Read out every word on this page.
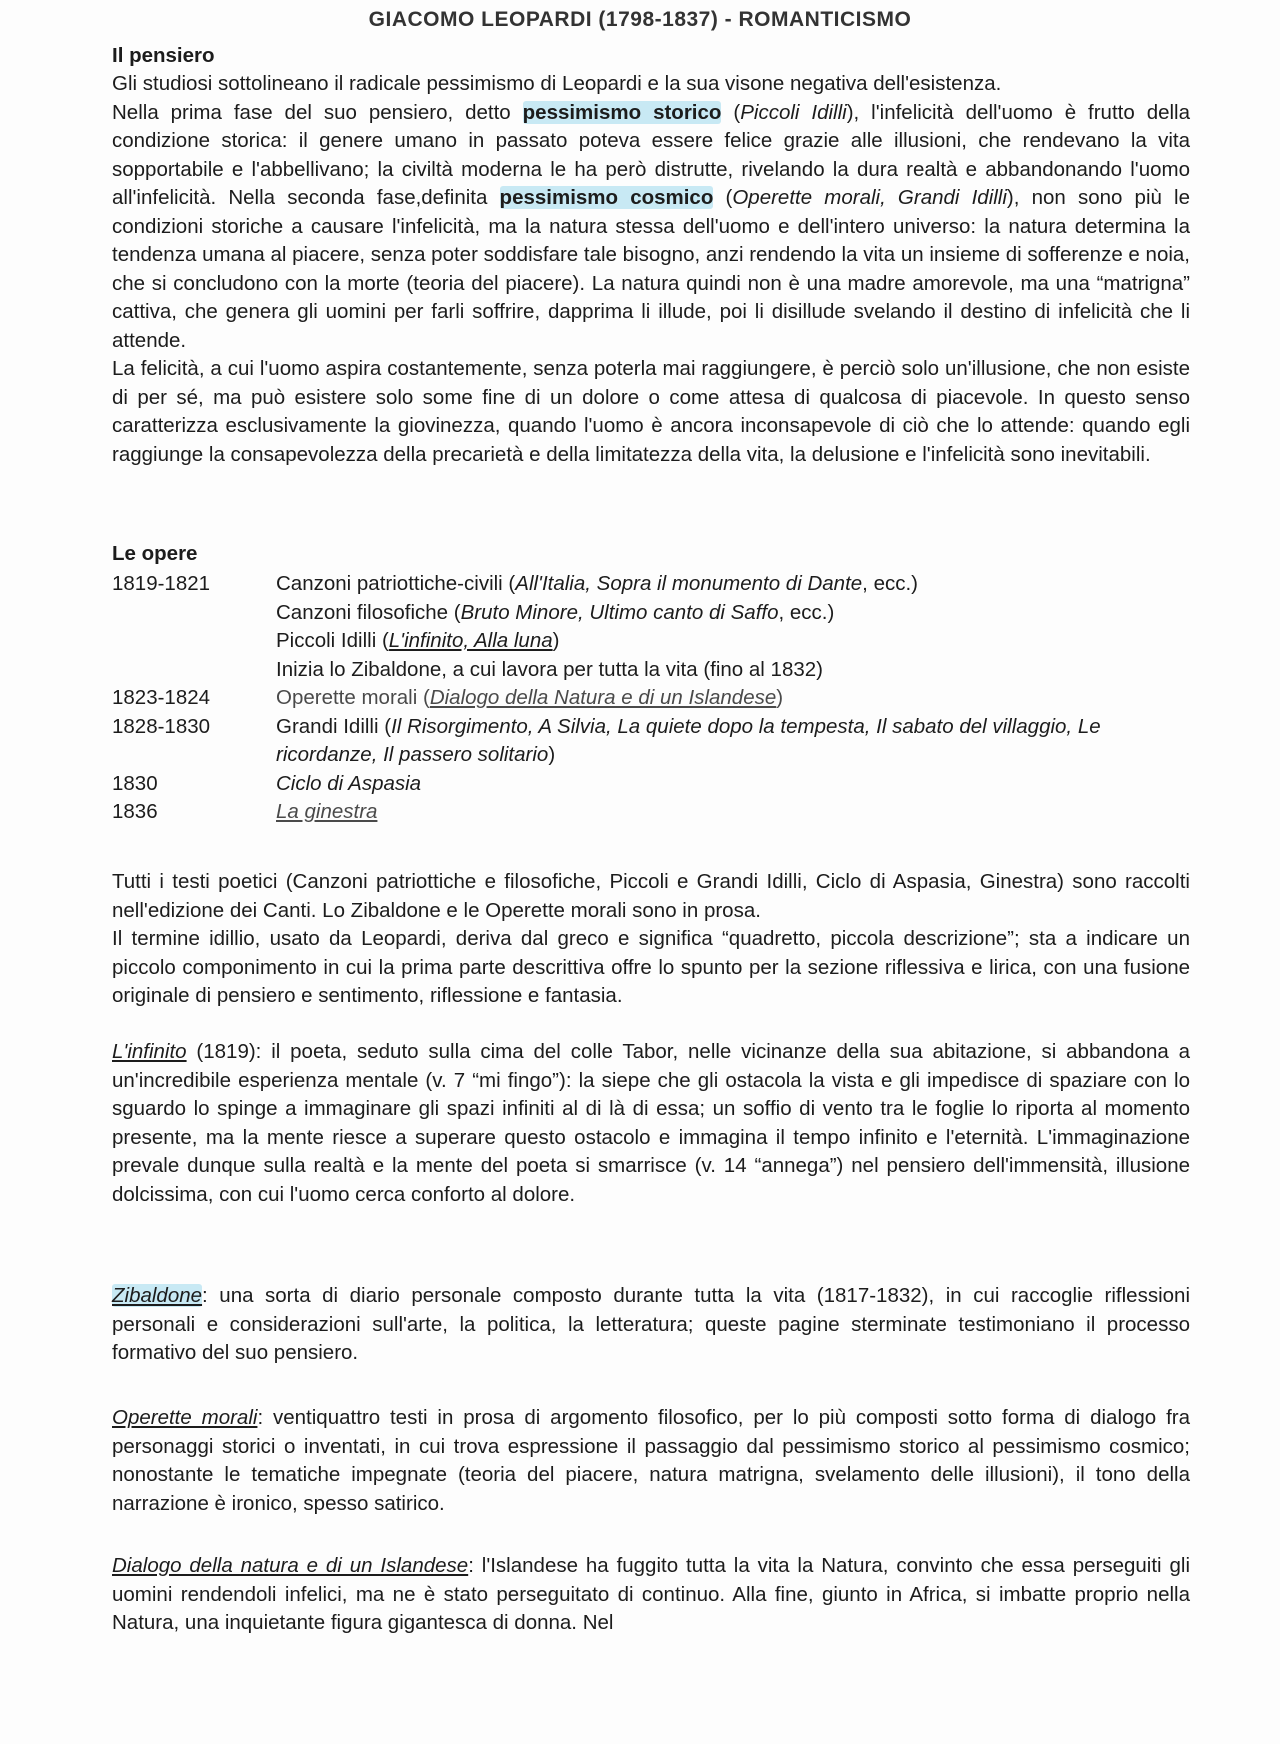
GIACOMO LEOPARDI (1798-1837) - ROMANTICISMO
Il pensiero

Gli studiosi sottolineano il radicale pessimismo di Leopardi e la sua visone negativa dell'esistenza.
Nella prima fase del suo pensiero, detto pessimismo storico (Piccoli Idilli), l'infelicità dell'uomo è frutto della condizione storica: il genere umano in passato poteva essere felice grazie alle illusioni, che rendevano la vita sopportabile e l'abbellivano; la civiltà moderna le ha però distrutte, rivelando la dura realtà e abbandonando l'uomo all'infelicità. Nella seconda fase,definita pessimismo cosmico (Operette morali, Grandi Idilli), non sono più le condizioni storiche a causare l'infelicità, ma la natura stessa dell'uomo e dell'intero universo: la natura determina la tendenza umana al piacere, senza poter soddisfare tale bisogno, anzi rendendo la vita un insieme di sofferenze e noia, che si concludono con la morte (teoria del piacere). La natura quindi non è una madre amorevole, ma una “matrigna” cattiva, che genera gli uomini per farli soffrire, dapprima li illude, poi li disillude svelando il destino di infelicità che li attende.

La felicità, a cui l'uomo aspira costantemente, senza poterla mai raggiungere, è perciò solo un'illusione, che non esiste di per sé, ma può esistere solo some fine di un dolore o come attesa di qualcosa di piacevole. In questo senso caratterizza esclusivamente la giovinezza, quando l'uomo è ancora inconsapevole di ciò che lo attende: quando egli raggiunge la consapevolezza della precarietà e della limitatezza della vita, la delusione e l'infelicità sono inevitabili.

Le opere
1819-1821	Canzoni patriottiche-civili (All'Italia, Sopra il monumento di Dante, ecc.)
Canzoni filosofiche (Bruto Minore, Ultimo canto di Saffo, ecc.)
Piccoli Idilli (L'infinito, Alla luna)
Inizia lo Zibaldone, a cui lavora per tutta la vita (fino al 1832)
1823-1824	Operette morali (Dialogo della Natura e di un Islandese)
1828-1830	Grandi Idilli (Il Risorgimento, A Silvia, La quiete dopo la tempesta, Il sabato del villaggio, Le ricordanze, Il passero solitario)
1830	Ciclo di Aspasia
1836	La ginestra

Tutti i testi poetici (Canzoni patriottiche e filosofiche, Piccoli e Grandi Idilli, Ciclo di Aspasia, Ginestra) sono raccolti nell'edizione dei Canti. Lo Zibaldone e le Operette morali sono in prosa.

Il termine idillio, usato da Leopardi, deriva dal greco e significa “quadretto, piccola descrizione”; sta a indicare un piccolo componimento in cui la prima parte descrittiva offre lo spunto per la sezione riflessiva e lirica, con una fusione originale di pensiero e sentimento, riflessione e fantasia.

L'infinito (1819): il poeta, seduto sulla cima del colle Tabor, nelle vicinanze della sua abitazione, si abbandona a un'incredibile esperienza mentale (v. 7 “mi fingo”): la siepe che gli ostacola la vista e gli impedisce di spaziare con lo sguardo lo spinge a immaginare gli spazi infiniti al di là di essa; un soffio di vento tra le foglie lo riporta al momento presente, ma la mente riesce a superare questo ostacolo e immagina il tempo infinito e l'eternità. L'immaginazione prevale dunque sulla realtà e la mente del poeta si smarrisce (v. 14 “annega”) nel pensiero dell'immensità, illusione dolcissima, con cui l'uomo cerca conforto al dolore.

Zibaldone: una sorta di diario personale composto durante tutta la vita (1817-1832), in cui raccoglie riflessioni personali e considerazioni sull'arte, la politica, la letteratura; queste pagine sterminate testimoniano il processo formativo del suo pensiero.

Operette morali: ventiquattro testi in prosa di argomento filosofico, per lo più composti sotto forma di dialogo fra personaggi storici o inventati, in cui trova espressione il passaggio dal pessimismo storico al pessimismo cosmico; nonostante le tematiche impegnate (teoria del piacere, natura matrigna, svelamento delle illusioni), il tono della narrazione è ironico, spesso satirico.

Dialogo della natura e di un Islandese: l'Islandese ha fuggito tutta la vita la Natura, convinto che essa perseguiti gli uomini rendendoli infelici, ma ne è stato perseguitato di continuo. Alla fine, giunto in Africa, si imbatte proprio nella Natura, una inquietante figura gigantesca di donna. Nel
